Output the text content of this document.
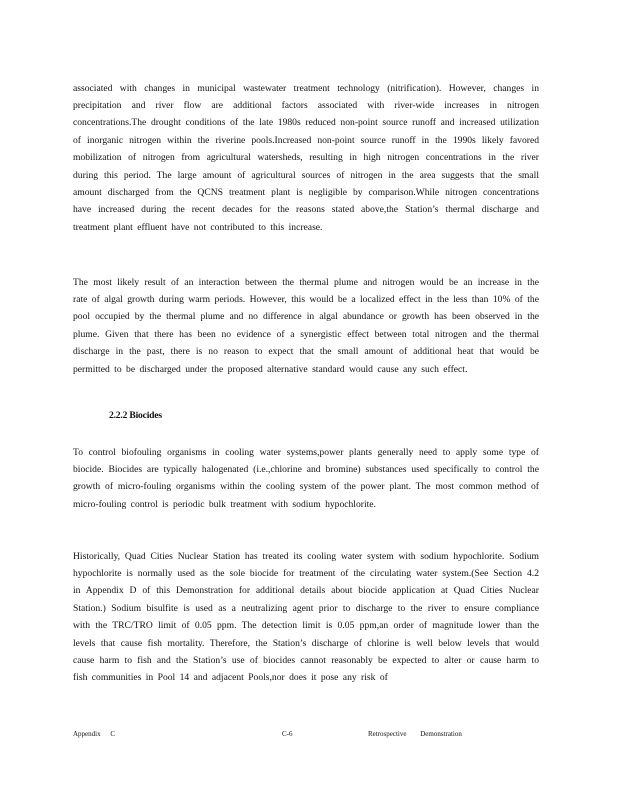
associated with changes in municipal wastewater treatment technology (nitrification). However, changes in precipitation and river flow are additional factors associated with river-wide increases in nitrogen concentrations.The drought conditions of the late 1980s reduced non-point source runoff and increased utilization of inorganic nitrogen within the riverine pools.Increased non-point source runoff in the 1990s likely favored mobilization of nitrogen from agricultural watersheds, resulting in high nitrogen concentrations in the river during this period. The large amount of agricultural sources of nitrogen in the area suggests that the small amount discharged from the QCNS treatment plant is negligible by comparison.While nitrogen concentrations have increased during the recent decades for the reasons stated above,the Station’s thermal discharge and treatment plant effluent have not contributed to this increase.

The most likely result of an interaction between the thermal plume and nitrogen would be an increase in the rate of algal growth during warm periods. However, this would be a localized effect in the less than 10% of the pool occupied by the thermal plume and no difference in algal abundance or growth has been observed in the plume. Given that there has been no evidence of a synergistic effect between total nitrogen and the thermal discharge in the past, there is no reason to expect that the small amount of additional heat that would be permitted to be discharged under the proposed alternative standard would cause any such effect.

2.2.2 Biocides

To control biofouling organisms in cooling water systems,power plants generally need to apply some type of biocide. Biocides are typically halogenated (i.e.,chlorine and bromine) substances used specifically to control the growth of micro-fouling organisms within the cooling system of the power plant. The most common method of micro-fouling control is periodic bulk treatment with sodium hypochlorite.

Historically, Quad Cities Nuclear Station has treated its cooling water system with sodium hypochlorite. Sodium hypochlorite is normally used as the sole biocide for treatment of the circulating water system.(See Section 4.2 in Appendix D of this Demonstration for additional details about biocide application at Quad Cities Nuclear Station.) Sodium bisulfite is used as a neutralizing agent prior to discharge to the river to ensure compliance with the TRC/TRO limit of 0.05 ppm. The detection limit is 0.05 ppm,an order of magnitude lower than the levels that cause fish mortality. Therefore, the Station’s discharge of chlorine is well below levels that would cause harm to fish and the Station’s use of biocides cannot reasonably be expected to alter or cause harm to fish communities in Pool 14 and adjacent Pools,nor does it pose any risk of

Appendix C	C-6	Retrospective Demonstration
